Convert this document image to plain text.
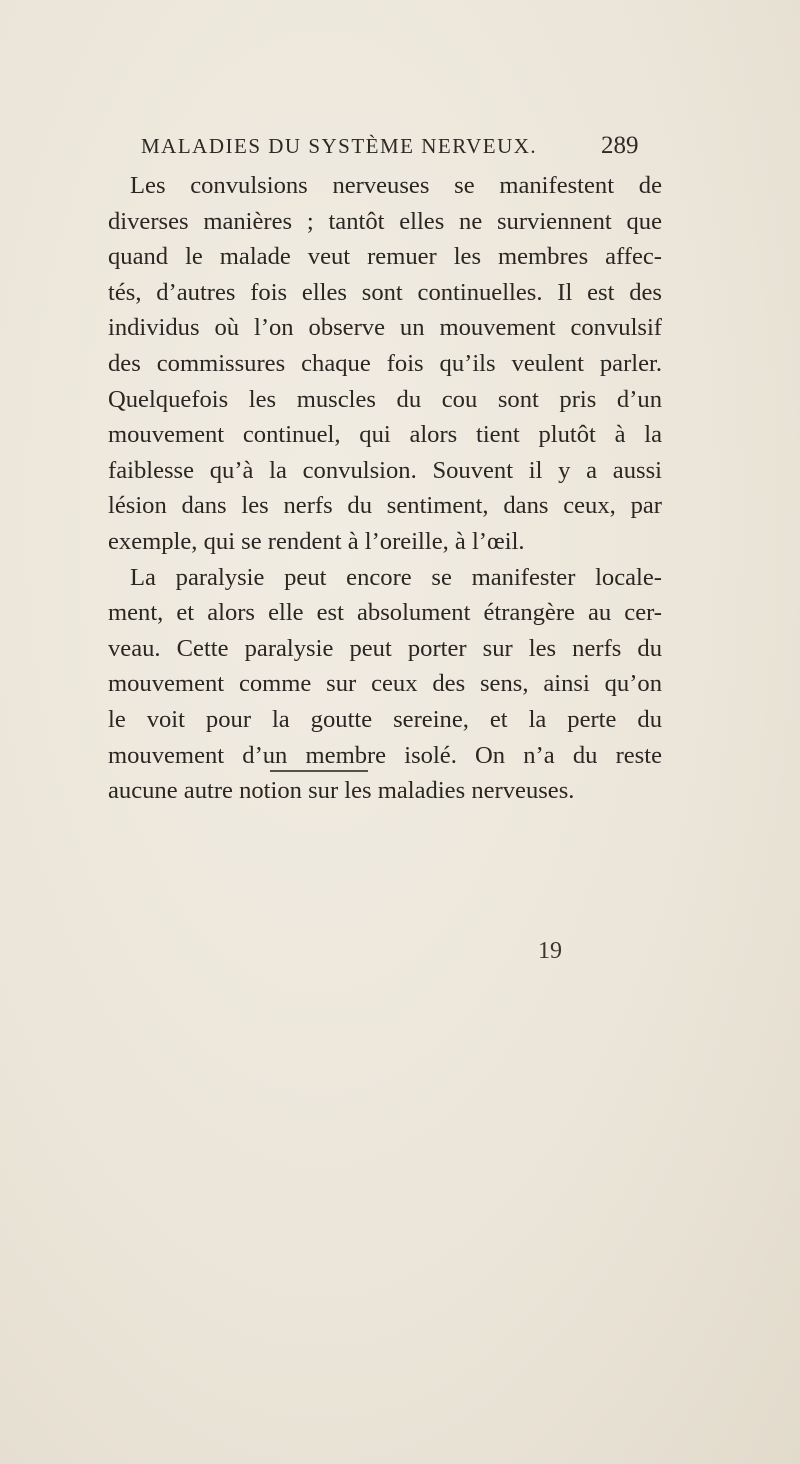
MALADIES DU SYSTÈME NERVEUX.	289
Les convulsions nerveuses se manifestent de
diverses manières ; tantôt elles ne surviennent que
quand le malade veut remuer les membres affec-
tés, d’autres fois elles sont continuelles. Il est des
individus où l’on observe un mouvement convulsif
des commissures chaque fois qu’ils veulent parler.
Quelquefois les muscles du cou sont pris d’un
mouvement continuel, qui alors tient plutôt à la
faiblesse qu’à la convulsion. Souvent il y a aussi
lésion dans les nerfs du sentiment, dans ceux, par
exemple, qui se rendent à l’oreille, à l’œil.
La paralysie peut encore se manifester locale-
ment, et alors elle est absolument étrangère au cer-
veau. Cette paralysie peut porter sur les nerfs du
mouvement comme sur ceux des sens, ainsi qu’on
le voit pour la goutte sereine, et la perte du
mouvement d’un membre isolé. On n’a du reste
aucune autre notion sur les maladies nerveuses.
19
